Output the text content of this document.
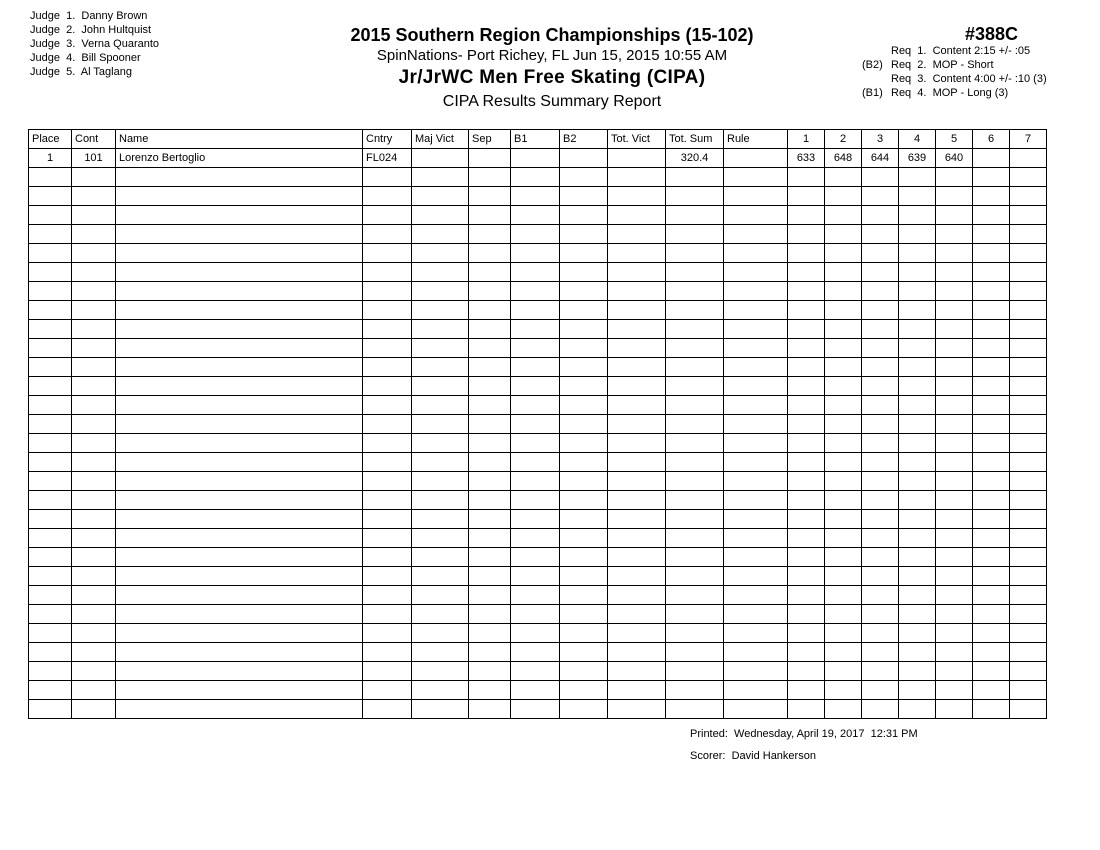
Judge  1.  Danny Brown
Judge  2.  John Hultquist
Judge  3.  Verna Quaranto
Judge  4.  Bill Spooner
Judge  5.  Al Taglang
2015 Southern Region Championships (15-102)
SpinNations- Port Richey, FL Jun 15, 2015 10:55 AM
Jr/JrWC Men Free Skating (CIPA)
CIPA Results Summary Report
#388C
Req  1.  Content 2:15 +/- :05
(B2) Req  2.  MOP - Short
Req  3.  Content 4:00 +/- :10 (3)
(B1) Req  4.  MOP - Long (3)
Place	Cont	Name	Cntry	Maj Vict	Sep	B1	B2	Tot. Vict	Tot. Sum	Rule	1	2	3	4	5	6	7
1	101	Lorenzo Bertoglio	FL024						320.4		633	648	644	639	640		

Printed:  Wednesday, April 19, 2017  12:31 PM
Scorer:  David Hankerson
